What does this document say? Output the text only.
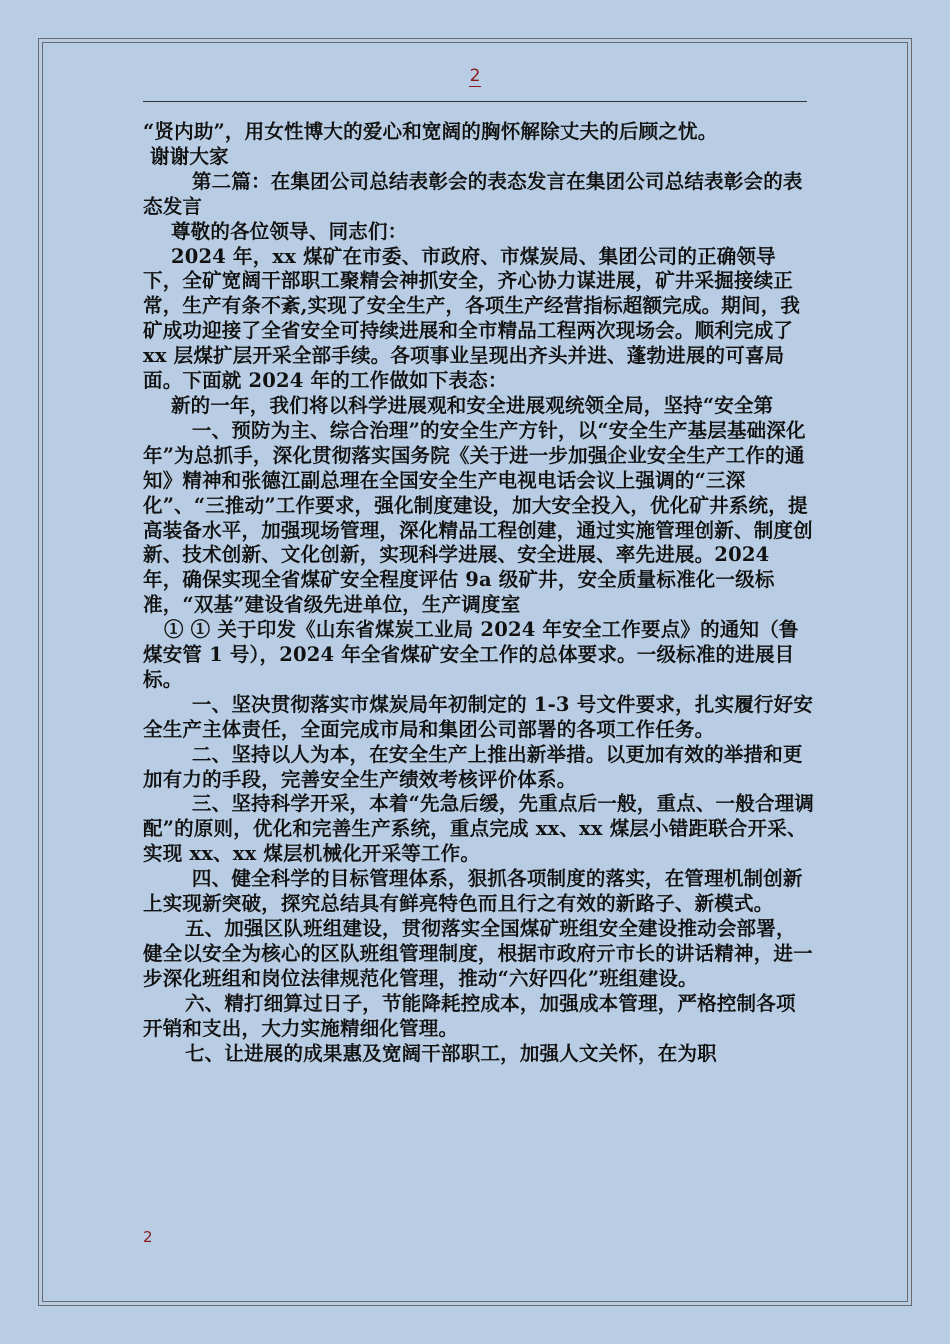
2

“贤内助”，用女性博大的爱心和宽阔的胸怀解除丈夫的后顾之忧。

谢谢大家

第二篇：在集团公司总结表彰会的表态发言在集团公司总结表彰会的表态发言

尊敬的各位领导、同志们：

2024 年，xx 煤矿在市委、市政府、市煤炭局、集团公司的正确领导下，全矿宽阔干部职工聚精会神抓安全，齐心协力谋进展，矿井采掘接续正常，生产有条不紊,实现了安全生产，各项生产经营指标超额完成。期间，我矿成功迎接了全省安全可持续进展和全市精品工程两次现场会。顺利完成了 xx 层煤扩层开采全部手续。各项事业呈现出齐头并进、蓬勃进展的可喜局面。下面就 2024 年的工作做如下表态：

新的一年，我们将以科学进展观和安全进展观统领全局，坚持“安全第

一、预防为主、综合治理”的安全生产方针，以“安全生产基层基础深化年”为总抓手，深化贯彻落实国务院《关于进一步加强企业安全生产工作的通知》精神和张德江副总理在全国安全生产电视电话会议上强调的“三深化”、“三推动”工作要求，强化制度建设，加大安全投入，优化矿井系统，提高装备水平，加强现场管理，深化精品工程创建，通过实施管理创新、制度创新、技术创新、文化创新，实现科学进展、安全进展、率先进展。2024 年，确保实现全省煤矿安全程度评估 9a 级矿井，安全质量标准化一级标准，“双基”建设省级先进单位，生产调度室

① ① 关于印发《山东省煤炭工业局 2024 年安全工作要点》的通知（鲁煤安管 1 号），2024 年全省煤矿安全工作的总体要求。一级标准的进展目标。

一、坚决贯彻落实市煤炭局年初制定的 1-3 号文件要求，扎实履行好安全生产主体责任，全面完成市局和集团公司部署的各项工作任务。

二、坚持以人为本，在安全生产上推出新举措。以更加有效的举措和更加有力的手段，完善安全生产绩效考核评价体系。

三、坚持科学开采，本着“先急后缓，先重点后一般，重点、一般合理调配”的原则，优化和完善生产系统，重点完成 xx、xx 煤层小错距联合开采、实现 xx、xx 煤层机械化开采等工作。

四、健全科学的目标管理体系，狠抓各项制度的落实，在管理机制创新上实现新突破，探究总结具有鲜亮特色而且行之有效的新路子、新模式。

五、加强区队班组建设，贯彻落实全国煤矿班组安全建设推动会部署，健全以安全为核心的区队班组管理制度，根据市政府亓市长的讲话精神，进一步深化班组和岗位法律规范化管理，推动“六好四化”班组建设。

六、精打细算过日子，节能降耗控成本，加强成本管理，严格控制各项开销和支出，大力实施精细化管理。

七、让进展的成果惠及宽阔干部职工，加强人文关怀，在为职

2
